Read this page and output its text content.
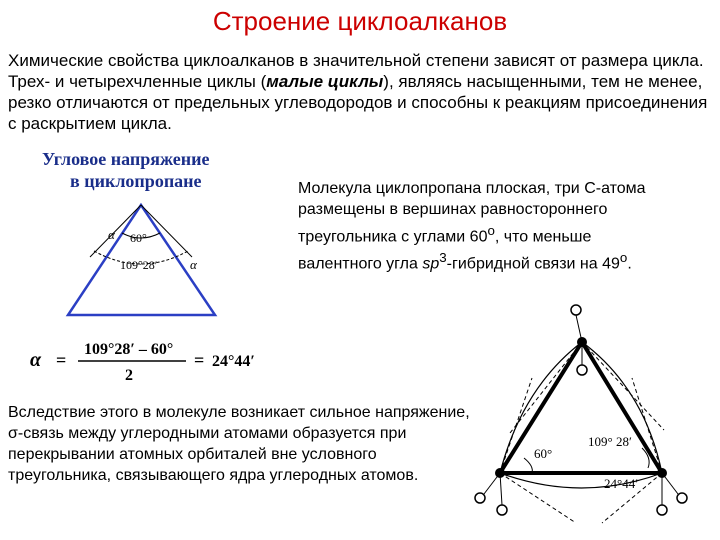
Строение циклоалканов
Химические свойства циклоалканов в значительной степени зависят от размера цикла. Трех- и четырехчленные циклы (малые циклы), являясь насыщенными, тем не менее, резко отличаются от предельных углеводородов и способны к реакциям присоединения с раскрытием цикла.
Угловое напряжение
в циклопропане
60°
109°28′
α
α
α =
109°28′ – 60°
2
= 24°44′
Молекула циклопропана плоская, три С-атома размещены в вершинах равностороннего треугольника с углами $60^о$, что меньше валентного угла $sp^3$-гибридной связи на $49^о$.
Вследствие этого в молекуле возникает сильное напряжение, σ-связь между углеродными атомами образуется при перекрывании атомных орбиталей вне условного треугольника, связывающего ядра углеродных атомов.
109° 28′
60°
24°44′
